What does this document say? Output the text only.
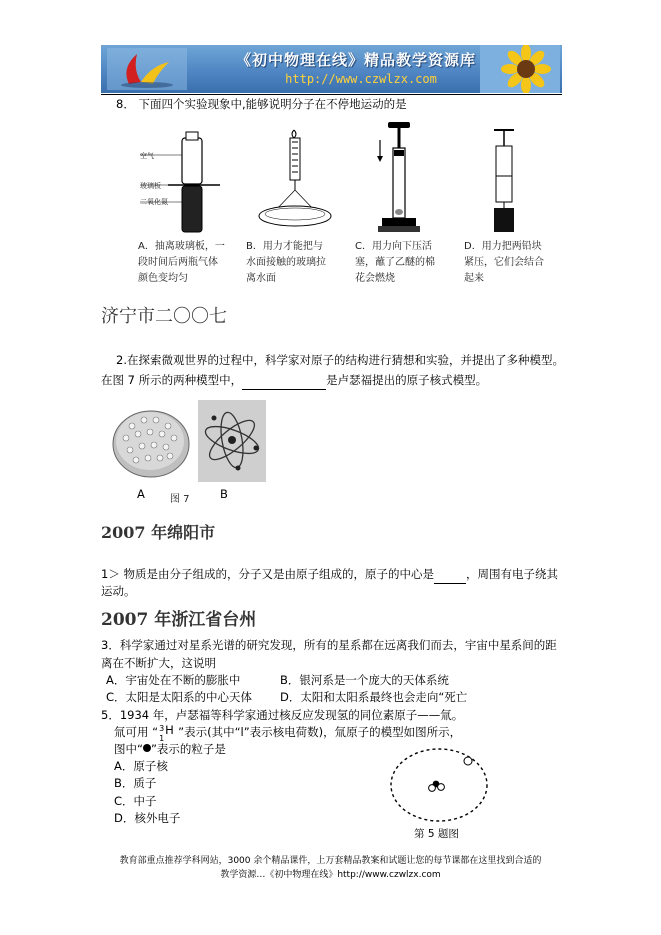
《初中物理在线》精品教学资源库
http://www.czwlzx.com
8． 下面四个实验现象中,能够说明分子在不停地运动的是
空气
玻璃板
二氧化氮
A．抽离玻璃板，一
段时间后两瓶气体
颜色变均匀
B．用力才能把与
水面接触的玻璃拉
离水面
C．用力向下压活
塞，蘸了乙醚的棉
花会燃烧
D．用力把两铅块
紧压，它们会结合
起来
济宁市二〇〇七
2.在探索微观世界的过程中，科学家对原子的结构进行猜想和实验，并提出了多种模型。
在图 7 所示的两种模型中，	是卢瑟福提出的原子核式模型。
A	图 7	B
2007 年绵阳市
1＞ 物质是由分子组成的，分子又是由原子组成的，原子的中心是	，周围有电子绕其
运动。
2007 年浙江省台州
3．科学家通过对星系光谱的研究发现，所有的星系都在远离我们而去，宇宙中星系间的距
离在不断扩大，这说明
A．宇宙处在不断的膨胀中	B．银河系是一个庞大的天体系统
C．太阳是太阳系的中心天体 D．太阳和太阳系最终也会走向“死亡
5．1934 年，卢瑟福等科学家通过核反应发现氢的同位素原子——氚。
氚可用 “ 3
1
H ”表示(其中“l”表示核电荷数)，氚原子的模型如图所示，
图中“ ”表示的粒子是
A．原子核
B．质子
C．中子
D．核外电子
第 5 题图
教育部重点推荐学科网站，3000 余个精品课件，上万套精品教案和试题让您的每节课都在这里找到合适的
教学资源…《初中物理在线》http://www.czwlzx.com
